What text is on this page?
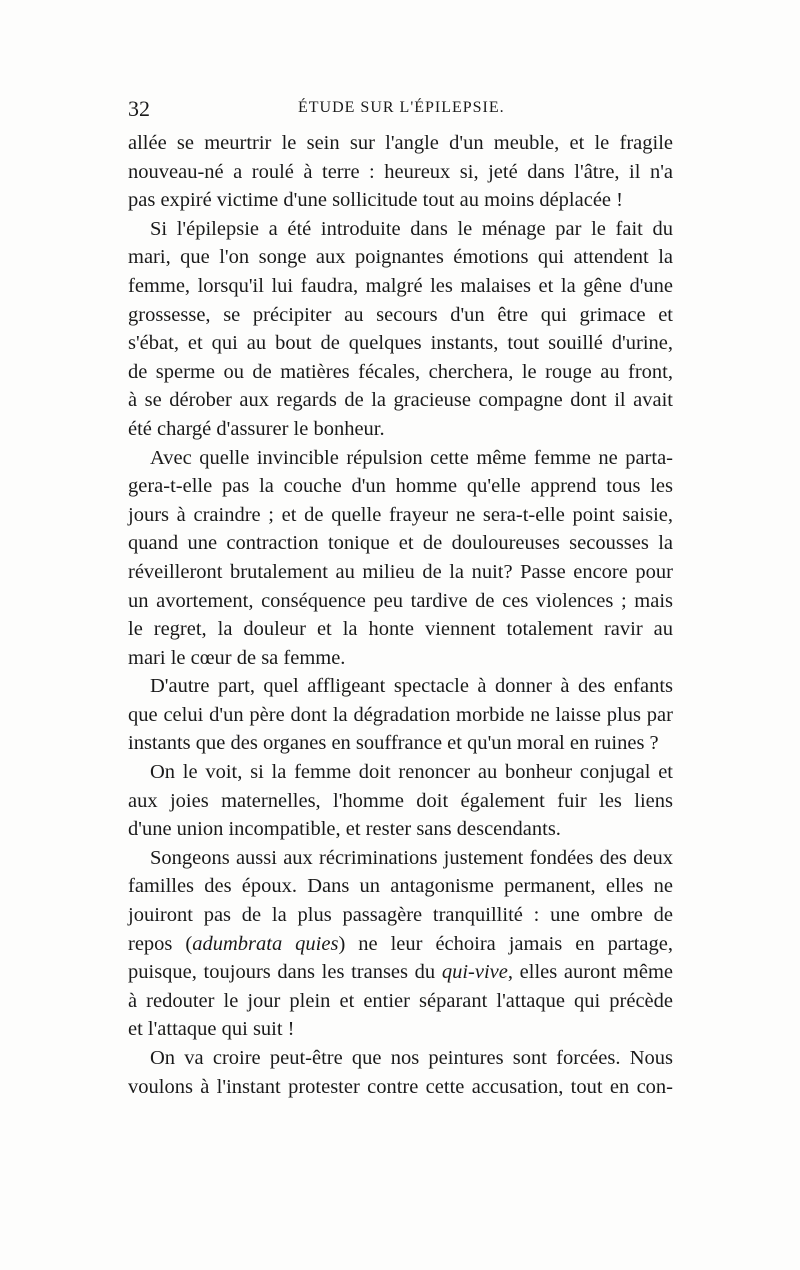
32	ÉTUDE SUR L'ÉPILEPSIE.
allée se meurtrir le sein sur l'angle d'un meuble, et le fragile
nouveau-né a roulé à terre : heureux si, jeté dans l'âtre, il n'a
pas expiré victime d'une sollicitude tout au moins déplacée !
Si l'épilepsie a été introduite dans le ménage par le fait du
mari, que l'on songe aux poignantes émotions qui attendent la
femme, lorsqu'il lui faudra, malgré les malaises et la gêne d'une
grossesse, se précipiter au secours d'un être qui grimace et
s'ébat, et qui au bout de quelques instants, tout souillé d'urine,
de sperme ou de matières fécales, cherchera, le rouge au front,
à se dérober aux regards de la gracieuse compagne dont il avait
été chargé d'assurer le bonheur.
Avec quelle invincible répulsion cette même femme ne parta-
gera-t-elle pas la couche d'un homme qu'elle apprend tous les
jours à craindre ; et de quelle frayeur ne sera-t-elle point saisie,
quand une contraction tonique et de douloureuses secousses la
réveilleront brutalement au milieu de la nuit? Passe encore pour
un avortement, conséquence peu tardive de ces violences ; mais
le regret, la douleur et la honte viennent totalement ravir au
mari le cœur de sa femme.
D'autre part, quel affligeant spectacle à donner à des enfants
que celui d'un père dont la dégradation morbide ne laisse plus par
instants que des organes en souffrance et qu'un moral en ruines ?
On le voit, si la femme doit renoncer au bonheur conjugal et
aux joies maternelles, l'homme doit également fuir les liens
d'une union incompatible, et rester sans descendants.
Songeons aussi aux récriminations justement fondées des deux
familles des époux. Dans un antagonisme permanent, elles ne
jouiront pas de la plus passagère tranquillité : une ombre de
repos (adumbrata quies) ne leur échoira jamais en partage,
puisque, toujours dans les transes du qui-vive, elles auront même
à redouter le jour plein et entier séparant l'attaque qui précède
et l'attaque qui suit !
On va croire peut-être que nos peintures sont forcées. Nous
voulons à l'instant protester contre cette accusation, tout en con-
